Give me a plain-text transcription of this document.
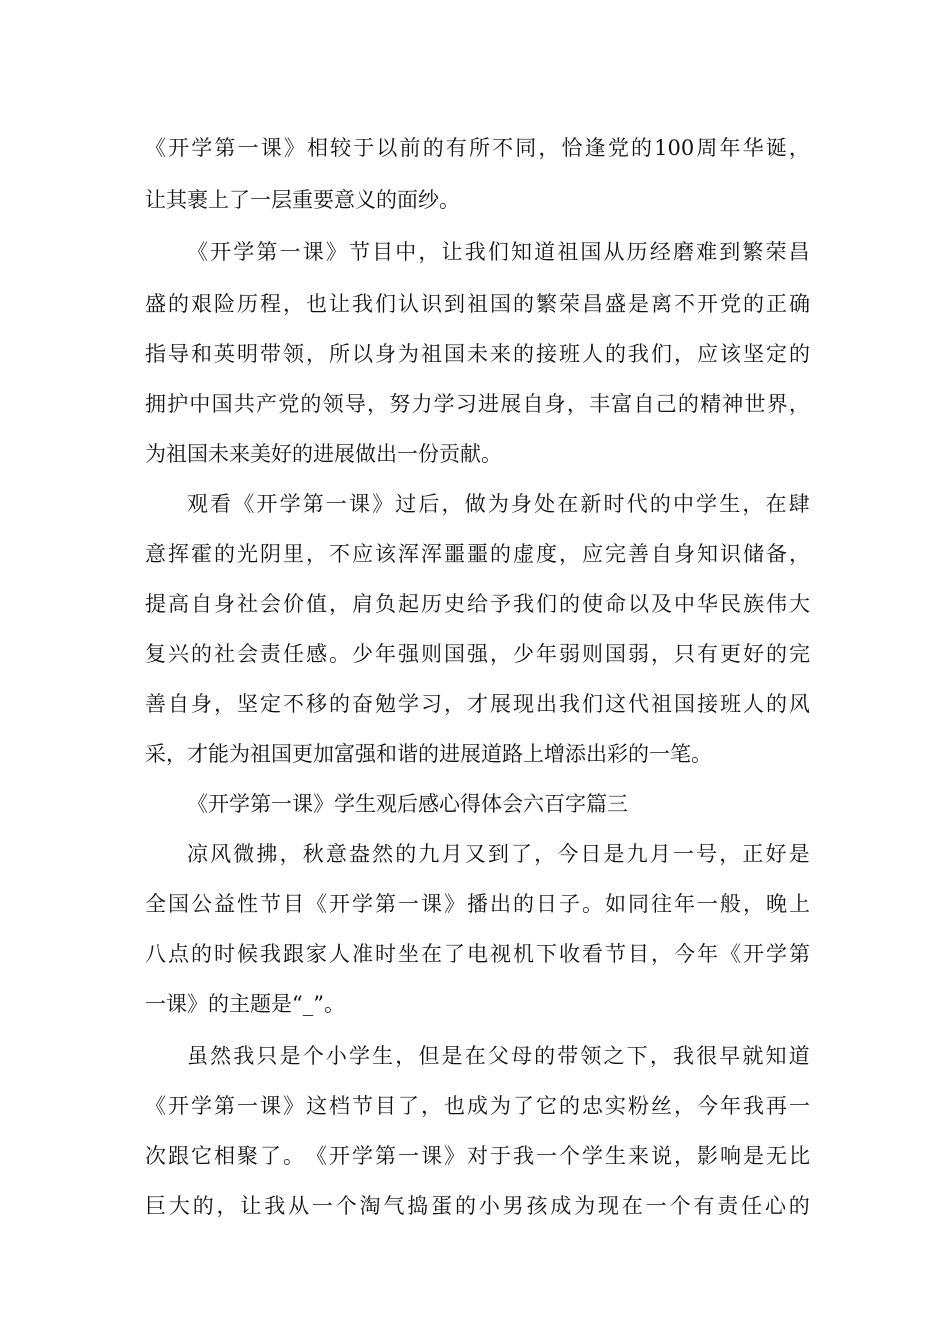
《 开 学 第 一 课 》 相 较 于 以 前 的 有 所 不 同 ， 恰 逢 党 的 100 周 年 华 诞 ，
让其裹上了一层重要意义的面纱。
《 开 学 第 一 课 》 节 目 中 ， 让 我 们 知 道 祖 国 从 历 经 磨 难 到 繁 荣 昌
盛 的 艰 险 历 程 ， 也 让 我 们 认 识 到 祖 国 的 繁 荣 昌 盛 是 离 不 开 党 的 正 确
指 导 和 英 明 带 领 ， 所 以 身 为 祖 国 未 来 的 接 班 人 的 我 们 ， 应 该 坚 定 的
拥 护 中 国 共 产 党 的 领 导 ， 努 力 学 习 进 展 自 身 ， 丰 富 自 己 的 精 神 世 界 ，
为祖国未来美好的进展做出一份贡献。
观 看 《 开 学 第 一 课 》 过 后 ， 做 为 身 处 在 新 时 代 的 中 学 生 ， 在 肆
意 挥 霍 的 光 阴 里 ， 不 应 该 浑 浑 噩 噩 的 虚 度 ， 应 完 善 自 身 知 识 储 备 ，
提 高 自 身 社 会 价 值 ， 肩 负 起 历 史 给 予 我 们 的 使 命 以 及 中 华 民 族 伟 大
复 兴 的 社 会 责 任 感 。 少 年 强 则 国 强 ， 少 年 弱 则 国 弱 ， 只 有 更 好 的 完
善 自 身 ， 坚 定 不 移 的 奋 勉 学 习 ， 才 展 现 出 我 们 这 代 祖 国 接 班 人 的 风
采，才能为祖国更加富强和谐的进展道路上增添出彩的一笔。
《开学第一课》学生观后感心得体会六百字篇三
凉 风 微 拂 ， 秋 意 盎 然 的 九 月 又 到 了 ， 今 日 是 九 月 一 号 ， 正 好 是
全 国 公 益 性 节 目 《 开 学 第 一 课 》 播 出 的 日 子 。 如 同 往 年 一 般 ， 晚 上
八 点 的 时 候 我 跟 家 人 准 时 坐 在 了 电 视 机 下 收 看 节 目 ， 今 年 《 开 学 第
一课》的主题是“_”。
虽 然 我 只 是 个 小 学 生 ， 但 是 在 父 母 的 带 领 之 下 ， 我 很 早 就 知 道
《 开 学 第 一 课 》 这 档 节 目 了 ， 也 成 为 了 它 的 忠 实 粉 丝 ， 今 年 我 再 一
次 跟 它 相 聚 了 。 《 开 学 第 一 课 》 对 于 我 一 个 学 生 来 说 ， 影 响 是 无 比
巨 大 的 ， 让 我 从 一 个 淘 气 捣 蛋 的 小 男 孩 成 为 现 在 一 个 有 责 任 心 的
